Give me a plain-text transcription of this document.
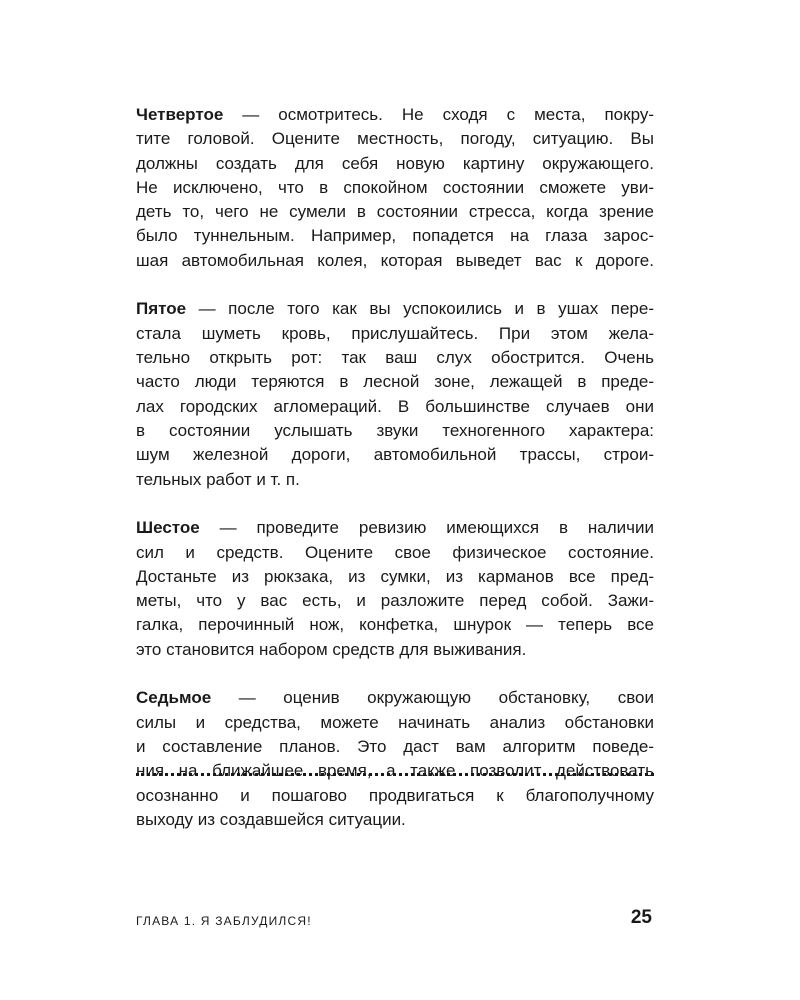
Четвертое — осмотритесь. Не сходя с места, покру-
тите головой. Оцените местность, погоду, ситуацию. Вы
должны создать для себя новую картину окружающего.
Не исключено, что в спокойном состоянии сможете уви-
деть то, чего не сумели в состоянии стресса, когда зрение
было туннельным. Например, попадется на глаза зарос-
шая автомобильная колея, которая выведет вас к дороге.

Пятое — после того как вы успокоились и в ушах пере-
стала шуметь кровь, прислушайтесь. При этом жела-
тельно открыть рот: так ваш слух обострится. Очень
часто люди теряются в лесной зоне, лежащей в преде-
лах городских агломераций. В большинстве случаев они
в состоянии услышать звуки техногенного характера:
шум железной дороги, автомобильной трассы, строи-
тельных работ и т. п.

Шестое — проведите ревизию имеющихся в наличии
сил и средств. Оцените свое физическое состояние.
Достаньте из рюкзака, из сумки, из карманов все пред-
меты, что у вас есть, и разложите перед собой. Зажи-
галка, перочинный нож, конфетка, шнурок — теперь все
это становится набором средств для выживания.

Седьмое — оценив окружающую обстановку, свои
силы и средства, можете начинать анализ обстановки
и составление планов. Это даст вам алгоритм поведе-
ния на ближайшее время, а также позволит действовать
осознанно и пошагово продвигаться к благополучному
выходу из создавшейся ситуации.

ГЛАВА 1. Я ЗАБЛУДИЛСЯ!	25
